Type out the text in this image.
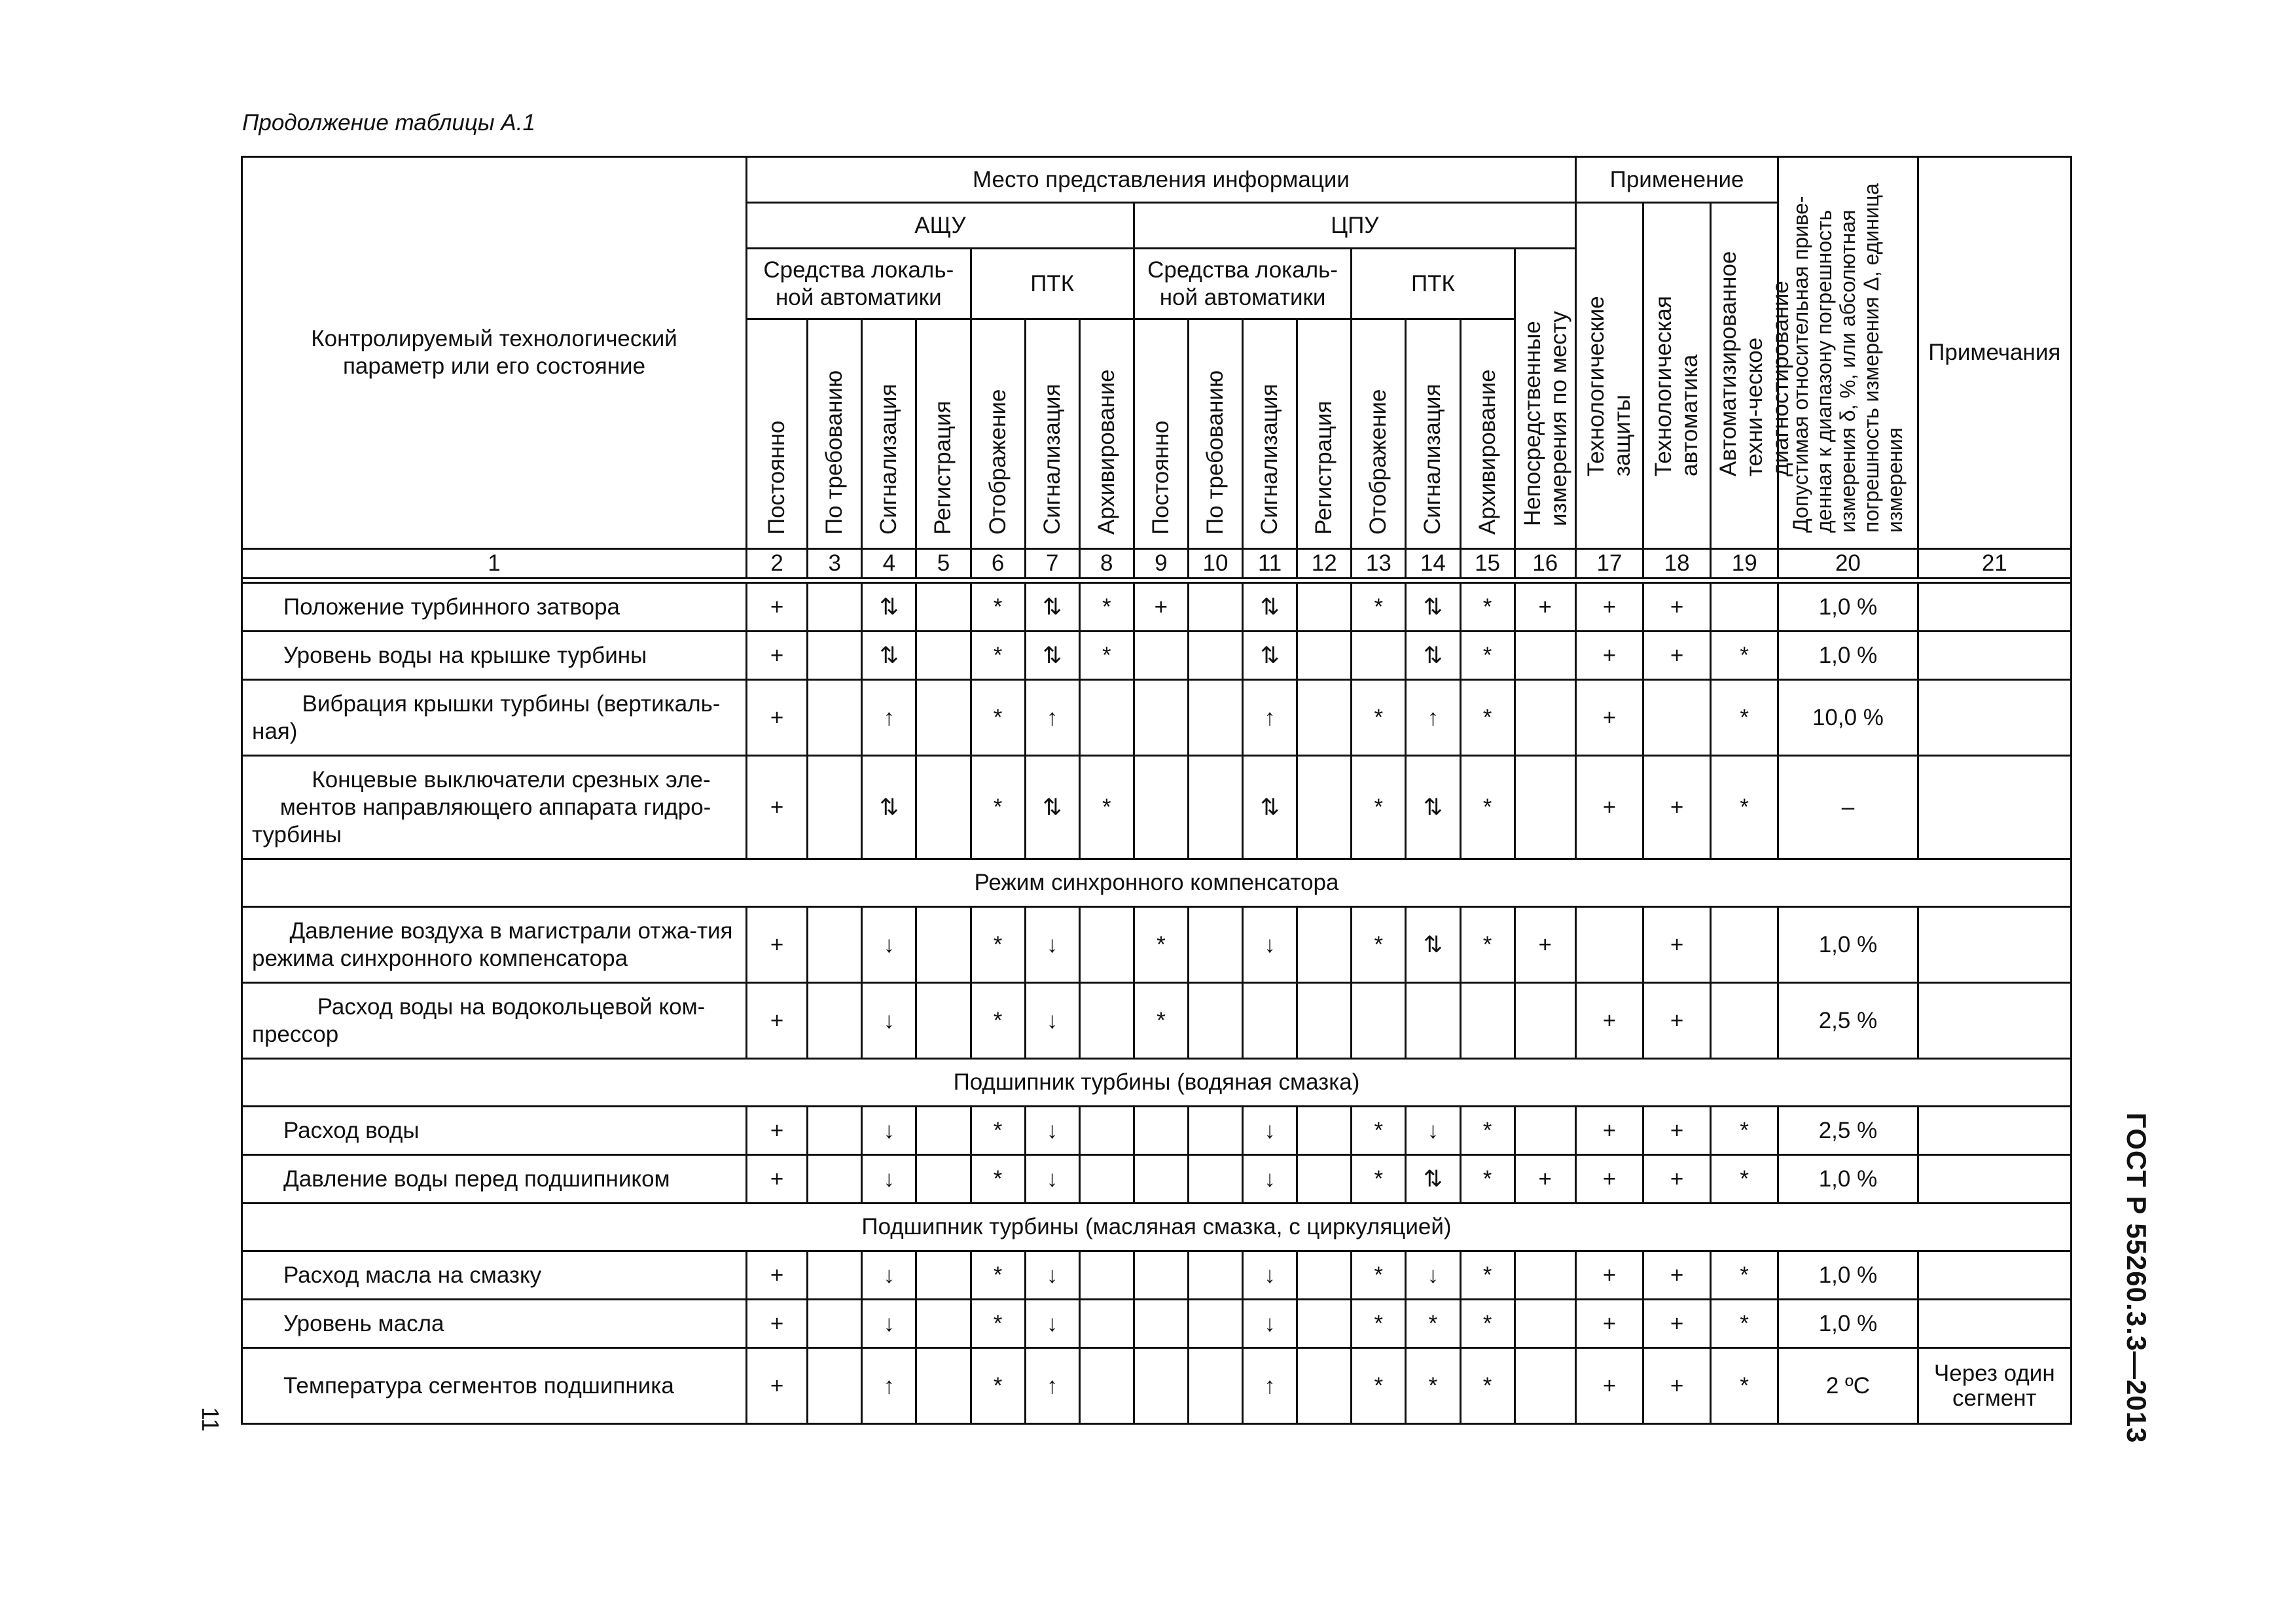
Продолжение таблицы А.1
Контролируемый технологический параметр или его состояние	Место представления информации															Применение			Допустимая относительная приве-денная к диапазону погрешность измерения δ, %, или абсолютная погрешность измерения Δ, единица измерения	Примечания
	АЩУ							ЦПУ								Технологические защиты	Технологическая автоматика	Автоматизированное техни-ческое диагностирование		
	Средства локаль-ной автоматики				ПТК			Средства локаль-ной автоматики				ПТК			Непосредственные измерения по месту					
	Постоянно	По требованию	Сигнализация	Регистрация	Отображение	Сигнализация	Архивирование	Постоянно	По требованию	Сигнализация	Регистрация	Отображение	Сигнализация	Архивирование						
1	2	3	4	5	6	7	8	9	10	11	12	13	14	15	16	17	18	19	20	21

Положение турбинного затвора	+		⇅		*	⇅	*	+		⇅		*	⇅	*	+	+	+		1,0 %	
Уровень воды на крышке турбины	+		⇅		*	⇅	*			⇅			⇅	*		+	+	*	1,0 %	
Вибрация крышки турбины (вертикаль-ная)	+		↑		*	↑				↑		*	↑	*		+		*	10,0 %	
Концевые выключатели срезных эле-ментов направляющего аппарата гидро-турбины	+		⇅		*	⇅	*			⇅		*	⇅	*		+	+	*	–	
Режим синхронного компенсатора																				
Давление воздуха в магистрали отжа-тия режима синхронного компенсатора	+		↓		*	↓		*		↓		*	⇅	*	+		+		1,0 %	
Расход воды на водокольцевой ком-прессор	+		↓		*	↓		*								+	+		2,5 %	
Подшипник турбины (водяная смазка)																				
Расход воды	+		↓		*	↓				↓		*	↓	*		+	+	*	2,5 %	
Давление воды перед подшипником	+		↓		*	↓				↓		*	⇅	*	+	+	+	*	1,0 %	
Подшипник турбины (масляная смазка, с циркуляцией)																				
Расход масла на смазку	+		↓		*	↓				↓		*	↓	*		+	+	*	1,0 %	
Уровень масла	+		↓		*	↓				↓		*	*	*		+	+	*	1,0 %	
Температура сегментов подшипника	+		↑		*	↑				↑		*	*	*		+	+	*	2 ºС	Через один сегмент	ГОСТ Р 55260.3.3—2013
11
